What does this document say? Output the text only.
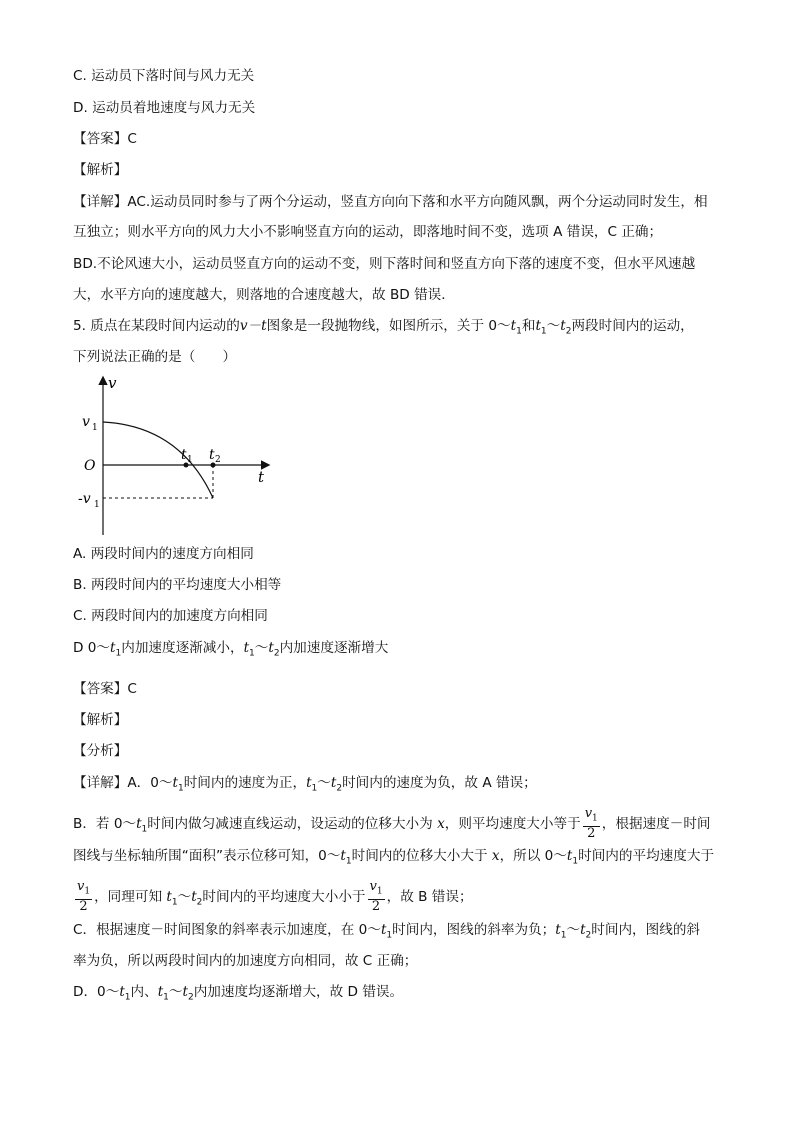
C. 运动员下落时间与风力无关
D. 运动员着地速度与风力无关
【答案】C
【解析】
【详解】AC.运动员同时参与了两个分运动，竖直方向向下落和水平方向随风飘，两个分运动同时发生，相
互独立；则水平方向的风力大小不影响竖直方向的运动，即落地时间不变，选项 A 错误，C 正确；
BD.不论风速大小，运动员竖直方向的运动不变，则下落时间和竖直方向下落的速度不变，但水平风速越
大，水平方向的速度越大，则落地的合速度越大，故 BD 错误．
5. 质点在某段时间内运动的v－t图象是一段抛物线，如图所示，关于 $0\sim t_1$和$t_1\sim t_2$两段时间内的运动，
下列说法正确的是（　　）
v
t
O
v 1
-v 1
t 1 t 2
A. 两段时间内的速度方向相同
B. 两段时间内的平均速度大小相等
C. 两段时间内的加速度方向相同
D $0\sim t_1$内加速度逐渐减小，$t_1\sim t_2$内加速度逐渐增大
【答案】C
【解析】
【分析】
【详解】A．$0\sim t_1$时间内的速度为正，$t_1\sim t_2$时间内的速度为负，故 A 错误；
B．若 $0\sim t_1$时间内做匀减速直线运动，设运动的位移大小为 x，则平均速度大小等于 $\frac{v_1}{2}$ ，根据速度－时间
图线与坐标轴所围“面积”表示位移可知，$0\sim t_1$时间内的位移大小大于 x，所以 $0\sim t_1$时间内的平均速度大于
$\frac{v_1}{2}$ ，同理可知 $t_1\sim t_2$时间内的平均速度大小小于 $\frac{v_1}{2}$ ，故 B 错误；
C．根据速度－时间图象的斜率表示加速度，在 $0\sim t_1$时间内，图线的斜率为负；$t_1\sim t_2$时间内，图线的斜
率为负，所以两段时间内的加速度方向相同，故 C 正确；
D．$0\sim t_1$内、$t_1\sim t_2$内加速度均逐渐增大，故 D 错误。
